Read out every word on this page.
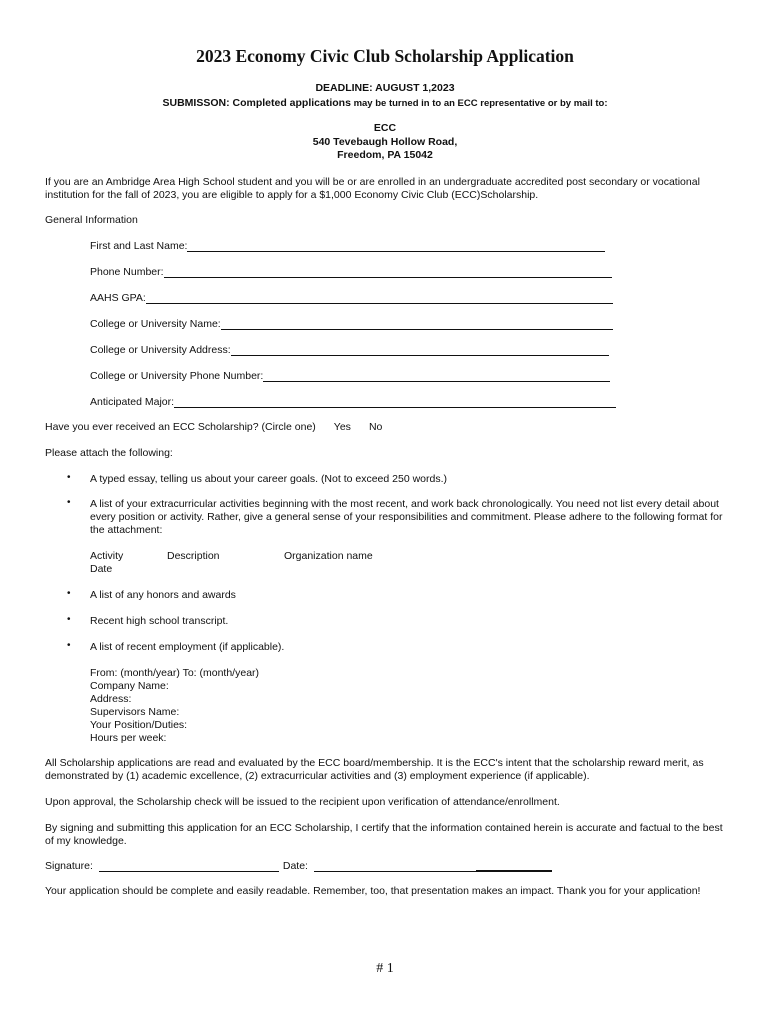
2023 Economy Civic Club Scholarship Application
DEADLINE: AUGUST 1,2023
SUBMISSON: Completed applications may be turned in to an ECC representative or by mail to:
ECC
540 Tevebaugh Hollow Road,
Freedom, PA 15042
If you are an Ambridge Area High School student and you will be or are enrolled in an undergraduate accredited post secondary or vocational institution for the fall of 2023, you are eligible to apply for a $1,000 Economy Civic Club (ECC)Scholarship.
General Information
First and Last Name:
Phone Number:
AAHS GPA:
College or University Name:
College or University Address:
College or University Phone Number:
Anticipated Major:
Have you ever received an ECC Scholarship? (Circle one) Yes No
Please attach the following:
• A typed essay, telling us about your career goals. (Not to exceed 250 words.)
• A list of your extracurricular activities beginning with the most recent, and work back chronologically. You need not list every detail about every position or activity. Rather, give a general sense of your responsibilities and commitment. Please adhere to the following format for the attachment:
Activity	Description	Organization name
Date
• A list of any honors and awards
• Recent high school transcript.
• A list of recent employment (if applicable).
From: (month/year) To: (month/year)
Company Name:
Address:
Supervisors Name:
Your Position/Duties:
Hours per week:
All Scholarship applications are read and evaluated by the ECC board/membership. It is the ECC's intent that the scholarship reward merit, as demonstrated by (1) academic excellence, (2) extracurricular activities and (3) employment experience (if applicable).
Upon approval, the Scholarship check will be issued to the recipient upon verification of attendance/enrollment.
By signing and submitting this application for an ECC Scholarship, I certify that the information contained herein is accurate and factual to the best of my knowledge.
Signature:	Date:
Your application should be complete and easily readable. Remember, too, that presentation makes an impact. Thank you for your application!
# 1
